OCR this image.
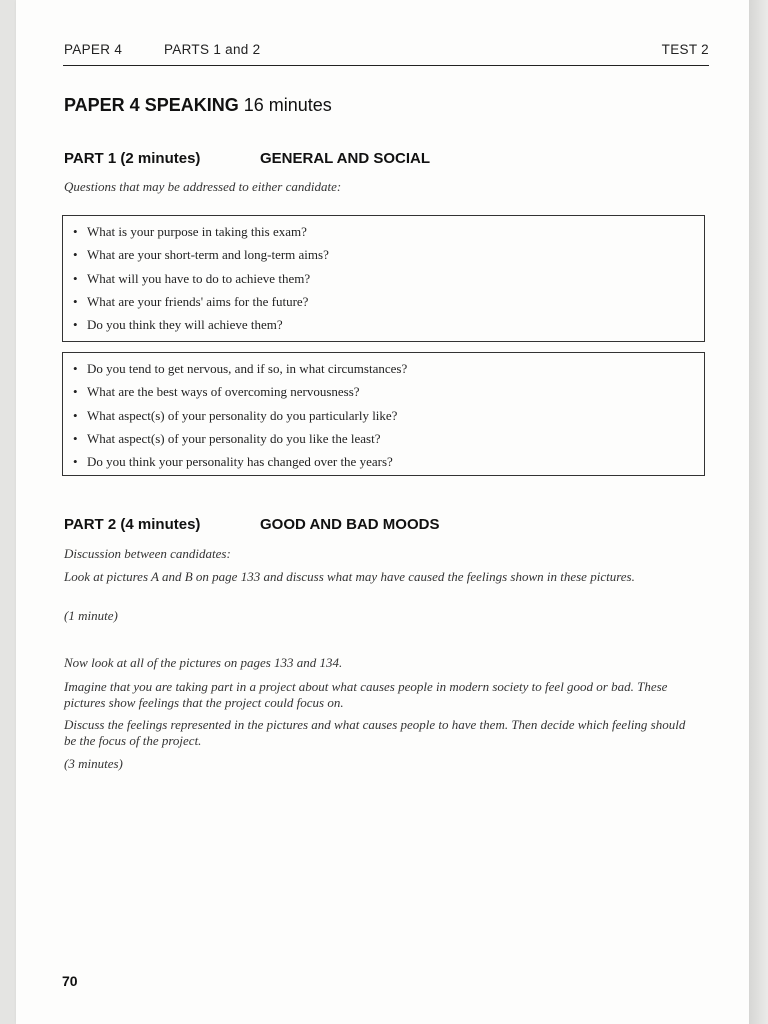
PAPER 4	PARTS 1 and 2	TEST 2
PAPER 4 SPEAKING 16 minutes
PART 1 (2 minutes)	GENERAL AND SOCIAL
Questions that may be addressed to either candidate:
• What is your purpose in taking this exam?
• What are your short-term and long-term aims?
• What will you have to do to achieve them?
• What are your friends' aims for the future?
• Do you think they will achieve them?
• Do you tend to get nervous, and if so, in what circumstances?
• What are the best ways of overcoming nervousness?
• What aspect(s) of your personality do you particularly like?
• What aspect(s) of your personality do you like the least?
• Do you think your personality has changed over the years?
PART 2 (4 minutes)	GOOD AND BAD MOODS
Discussion between candidates:
Look at pictures A and B on page 133 and discuss what may have caused the feelings shown in these pictures.
(1 minute)
Now look at all of the pictures on pages 133 and 134.
Imagine that you are taking part in a project about what causes people in modern society to feel good or bad. These pictures show feelings that the project could focus on.
Discuss the feelings represented in the pictures and what causes people to have them. Then decide which feeling should be the focus of the project.
(3 minutes)
70
